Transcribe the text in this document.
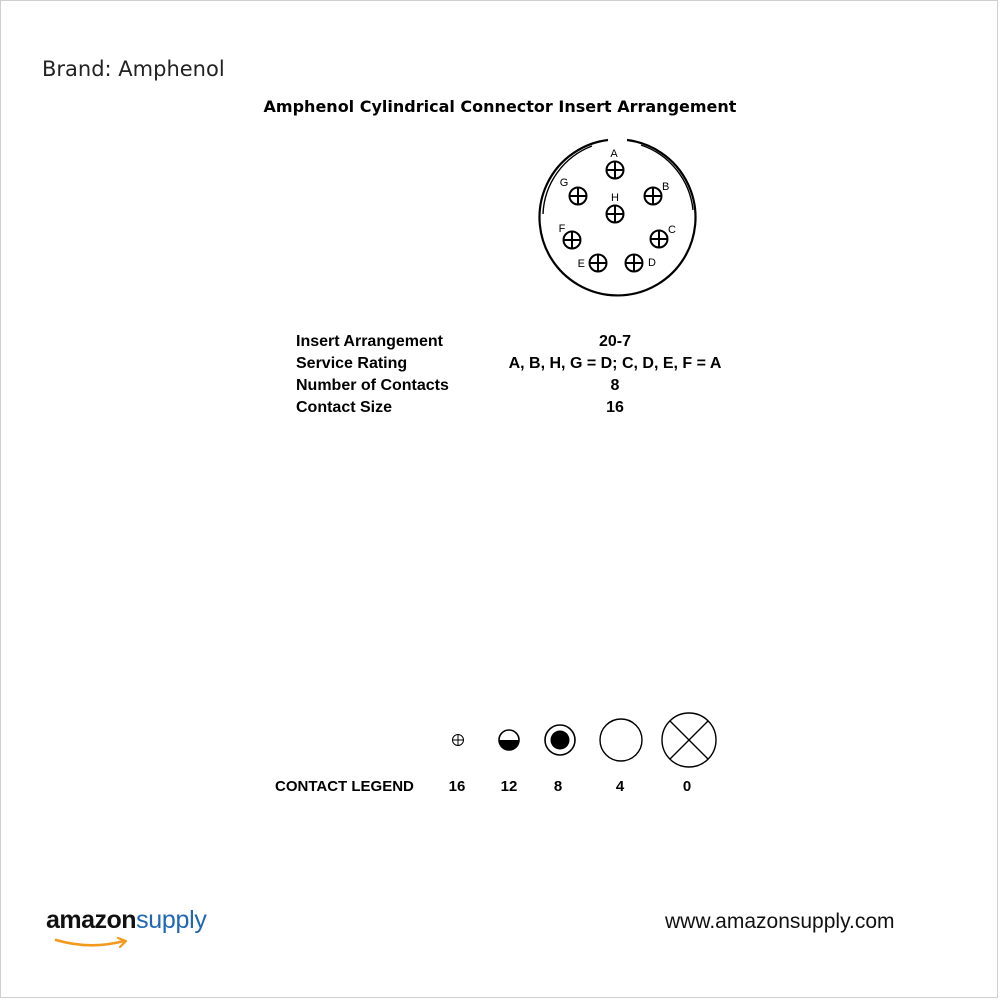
Brand: Amphenol
Amphenol Cylindrical Connector Insert Arrangement
A
B
C
D
E
F
G
H
Insert Arrangement	20-7
Service Rating	A, B, H, G = D; C, D, E, F = A
Number of Contacts	8
Contact Size	16
CONTACT LEGEND	16	12	8	4	0
amazonsupply	www.amazonsupply.com
